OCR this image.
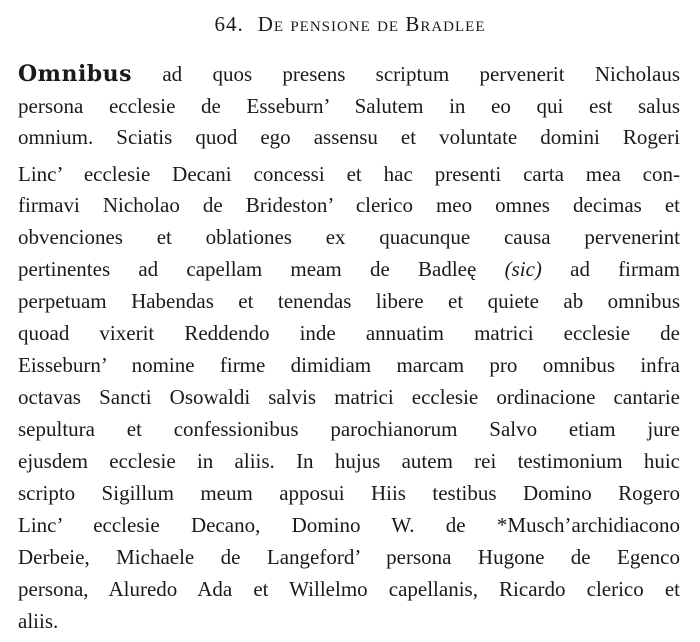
64. De pensione de Bradlee
Omnibus ad quos presens scriptum pervenerit Nicholaus
persona ecclesie de Esseburn’ Salutem in eo qui est salus
omnium. Sciatis quod ego assensu et voluntate domini Rogeri
Linc’ ecclesie Decani concessi et hac presenti carta mea con-
firmavi Nicholao de Brideston’ clerico meo omnes decimas et
obvenciones et oblationes ex quacunque causa pervenerint
pertinentes ad capellam meam de Badleę (sic) ad firmam
perpetuam Habendas et tenendas libere et quiete ab omnibus
quoad vixerit Reddendo inde annuatim matrici ecclesie de
Eisseburn’ nomine firme dimidiam marcam pro omnibus infra
octavas Sancti Osowaldi salvis matrici ecclesie ordinacione cantarie
sepultura et confessionibus parochianorum Salvo etiam jure
ejusdem ecclesie in aliis. In hujus autem rei testimonium huic
scripto Sigillum meum apposui Hiis testibus Domino Rogero
Linc’ ecclesie Decano, Domino W. de *Musch’archidiacono
Derbeie, Michaele de Langeford’ persona Hugone de Egenco
persona, Aluredo Ada et Willelmo capellanis, Ricardo clerico et
aliis.
